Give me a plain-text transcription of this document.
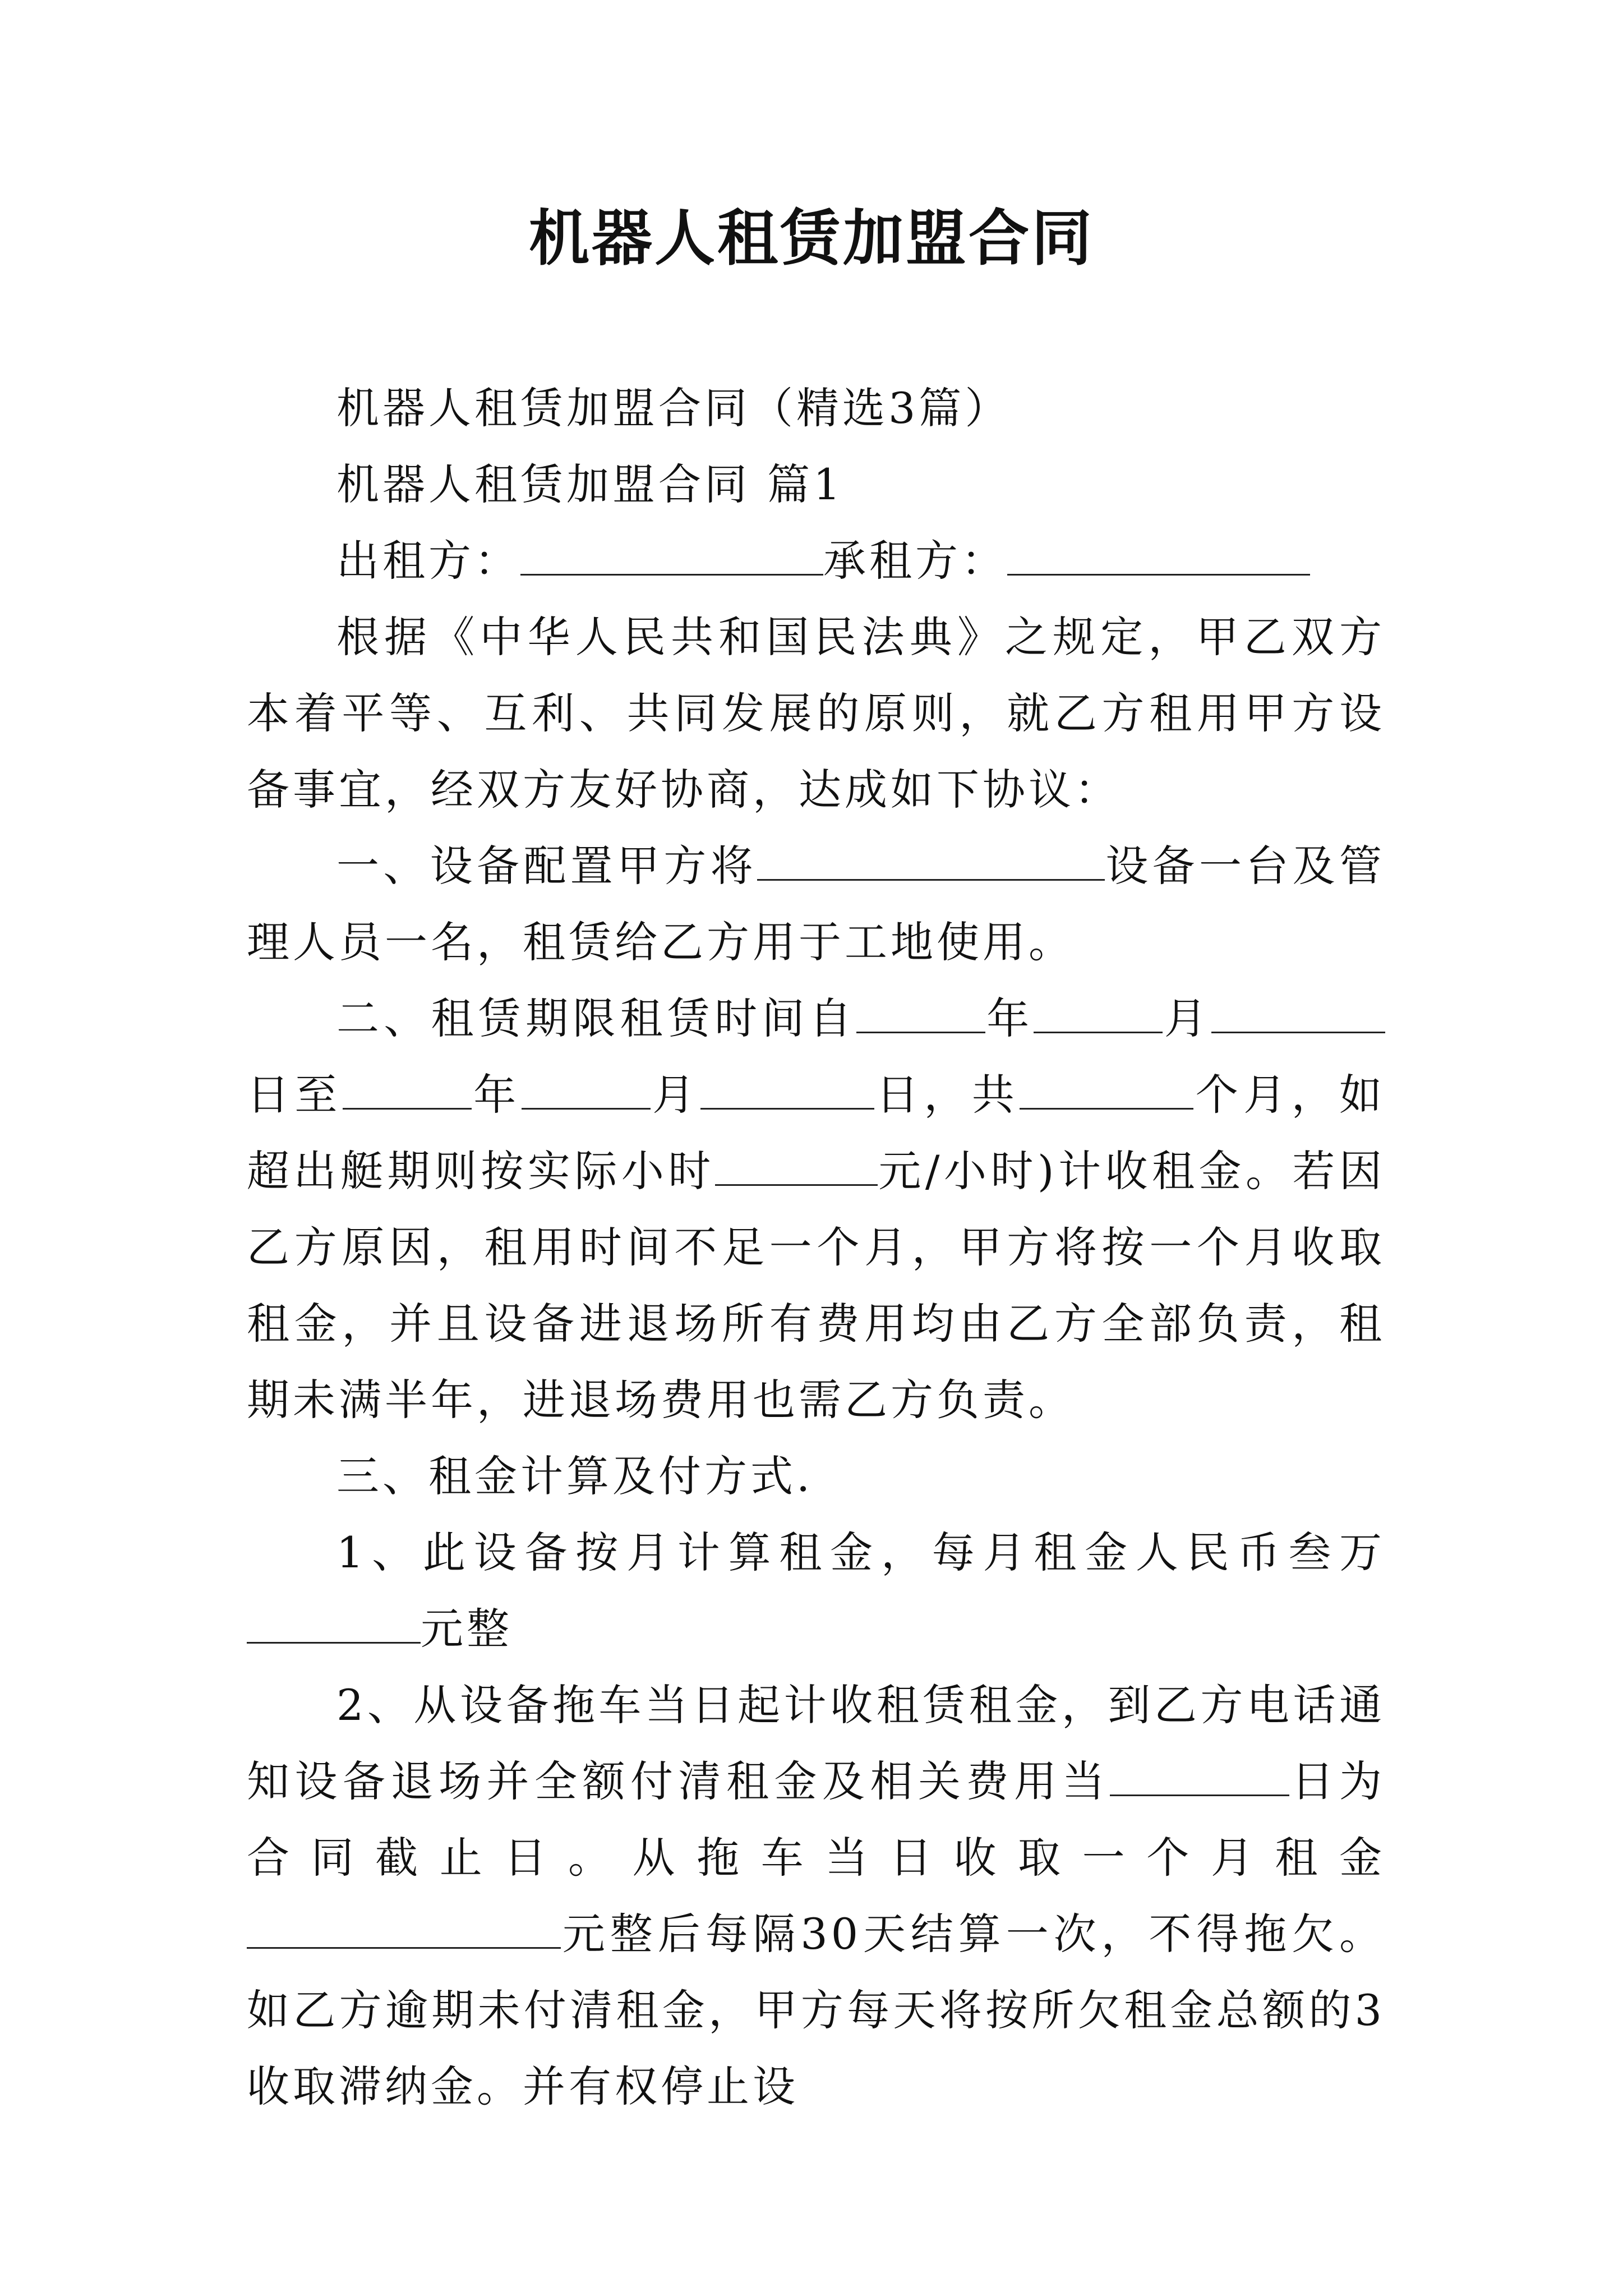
机器人租赁加盟合同

机器人租赁加盟合同（精选3篇）

机器人租赁加盟合同 篇1

出租方：	承租方：

根据《中华人民共和国民法典》之规定，甲乙双方本着平等、互利、共同发展的原则，就乙方租用甲方设备事宜，经双方友好协商，达成如下协议：

一、设备配置甲方将	设备一台及管理人员一名，租赁给乙方用于工地使用。

二、租赁期限租赁时间自	年	月日至	年	月	日，共	个月，如超出艇期则按实际小时	元/小时)计收租金。若因乙方原因，租用时间不足一个月，甲方将按一个月收取租金，并且设备进退场所有费用均由乙方全部负责，租期未满半年，进退场费用也需乙方负责。

三、租金计算及付方式.

1、此设备按月计算租金，每月租金人民币叁万元整

2、从设备拖车当日起计收租赁租金，到乙方电话通知设备退场并全额付清租金及相关费用当	日为合同截止日。从拖车当日收取一个月租金元整后每隔30天结算一次，不得拖欠。如乙方逾期未付清租金，甲方每天将按所欠租金总额的3收取滞纳金。并有权停止设
